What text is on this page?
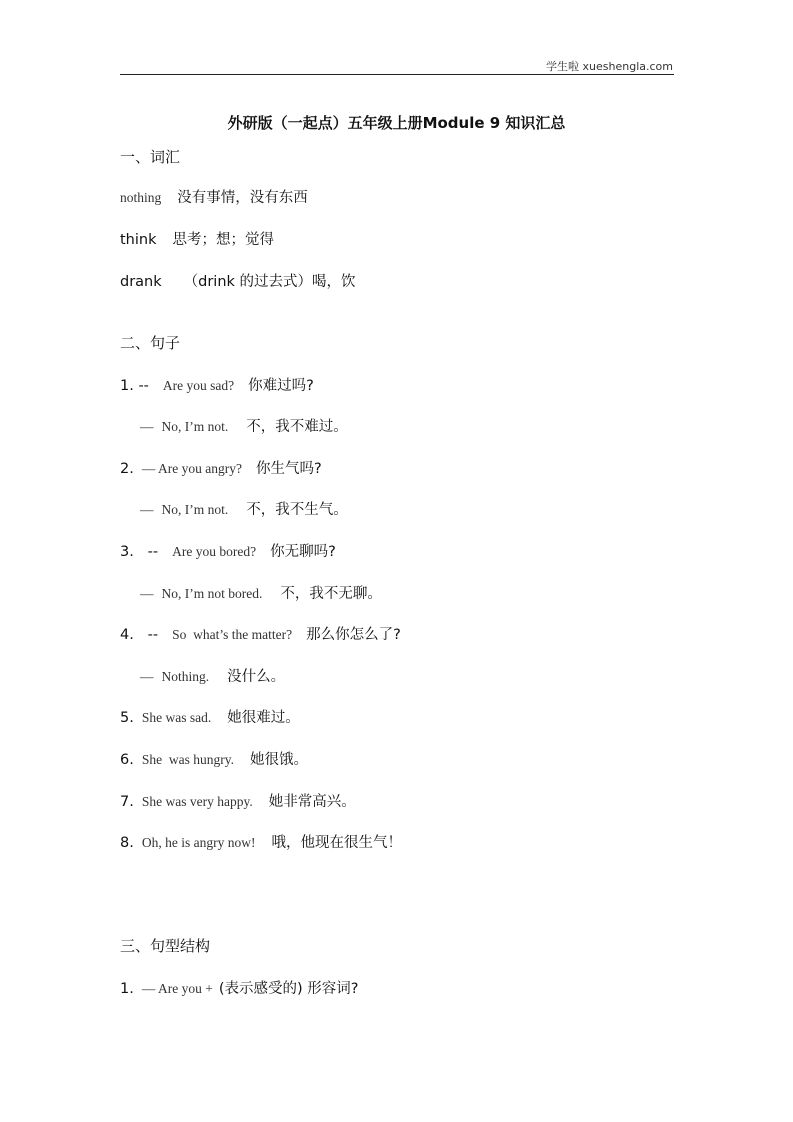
学生啦 xueshengla.com
外研版（一起点）五年级上册Module 9 知识汇总
一、词汇
nothing 没有事情，没有东西
think 思考；想；觉得
drank （drink 的过去式）喝，饮
二、句子
1. -- Are you sad? 你难过吗?
— No, I’m not. 不，我不难过。
2. — Are you angry? 你生气吗?
— No, I’m not. 不，我不生气。
3.   -- Are you bored? 你无聊吗?
— No, I’m not bored. 不，我不无聊。
4.   -- So  what’s the matter? 那么你怎么了?
— Nothing. 没什么。
5. She was sad. 她很难过。
6. She  was hungry. 她很饿。
7. She was very happy. 她非常高兴。
8. Oh, he is angry now! 哦，他现在很生气！
三、句型结构
1. — Are you + (表示感受的) 形容词?
